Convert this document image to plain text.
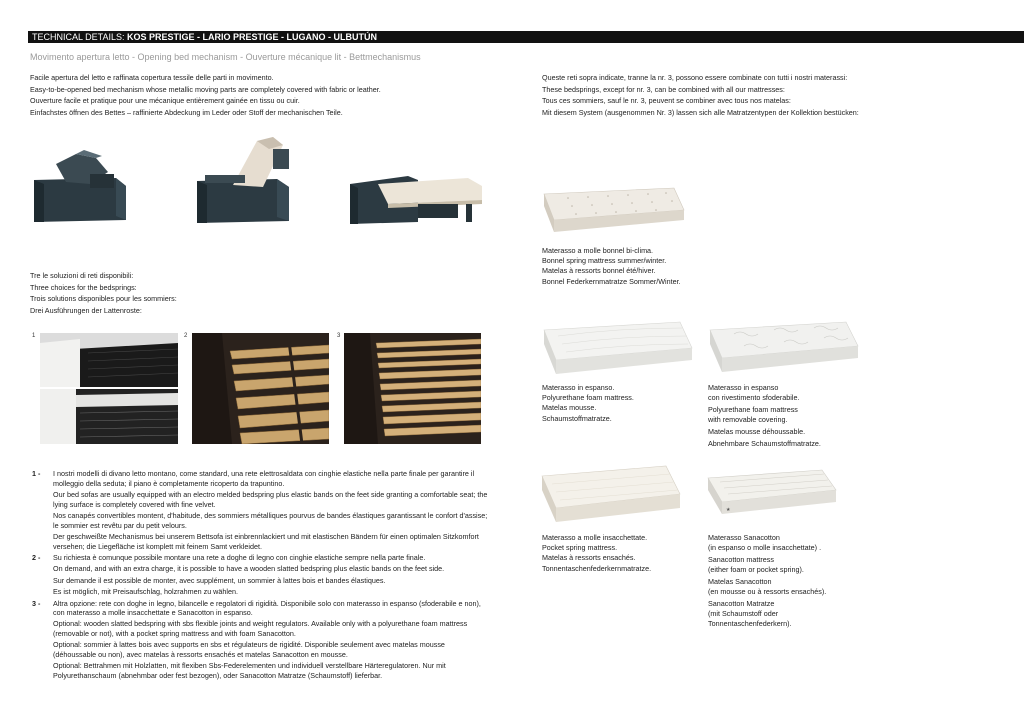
TECHNICAL DETAILS: KOS PRESTIGE - LARIO PRESTIGE - LUGANO - ULBUTÚN
Movimento apertura letto - Opening bed mechanism - Ouverture mécanique lit - Bettmechanismus
Facile apertura del letto e raffinata copertura tessile delle parti in movimento.
Easy-to-be-opened bed mechanism whose metallic moving parts are completely covered with fabric or leather.
Ouverture facile et pratique pour une mécanique entièrement gainée en tissu ou cuir.
Einfachstes öffnen des Bettes – raffinierte Abdeckung im Leder oder Stoff der mechanischen Teile.
Queste reti sopra indicate, tranne la nr. 3, possono essere combinate con tutti i nostri materassi:
These bedsprings, except for nr. 3, can be combined with all our mattresses:
Tous ces sommiers, sauf le nr. 3, peuvent se combiner avec tous nos matelas:
Mit diesem System (ausgenommen Nr. 3) lassen sich alle Matratzentypen der Kollektion bestücken:
Tre le soluzioni di reti disponibili:
Three choices for the bedsprings:
Trois solutions disponibles pour les sommiers:
Drei Ausführungen der Lattenroste:
1	2	3
1 - I nostri modelli di divano letto montano, come standard, una rete elettrosaldata con cinghie elastiche nella parte finale per garantire il molleggio della seduta; il piano è completamente ricoperto da trapuntino.

Our bed sofas are usually equipped with an electro melded bedspring plus elastic bands on the feet side granting a comfortable seat; the lying surface is completely covered with fine velvet.

Nos canapés convertibles montent, d'habitude, des sommiers métalliques pourvus de bandes élastiques garantissant le confort d'assise; le sommier est revêtu par du petit velours.

Der geschweißte Mechanismus bei unserem Bettsofa ist einbrennlackiert und mit elastischen Bändern für einen optimalen Sitzkomfort versehen; die Liegefläche ist komplett mit feinem Samt verkleidet.

2 - Su richiesta è comunque possibile montare una rete a doghe di legno con cinghie elastiche sempre nella parte finale.

On demand, and with an extra charge, it is possible to have a wooden slatted bedspring plus elastic bands on the feet side.

Sur demande il est possible de monter, avec supplément, un sommier à lattes bois et bandes élastiques.

Es ist möglich, mit Preisaufschlag, holzrahmen zu wählen.

3 - Altra opzione: rete con doghe in legno, bilancelle e regolatori di rigidità. Disponibile solo con materasso in espanso (sfoderabile e non), con materasso a molle insacchettate e Sanacotton in espanso.

Optional: wooden slatted bedspring with sbs flexible joints and weight regulators. Available only with a polyurethane foam mattress (removable or not), with a pocket spring mattress and with foam Sanacotton.

Optional: sommier à lattes bois avec supports en sbs et régulateurs de rigidité. Disponible seulement avec matelas mousse (déhoussable ou non), avec matelas à ressorts ensachés et matelas Sanacotton en mousse.

Optional: Bettrahmen mit Holzlatten, mit flexiben Sbs-Federelementen und individuell verstellbare Härteregulatoren. Nur mit Polyurethanschaum (abnehmbar oder fest bezogen), oder Sanacotton Matratze (Schaumstoff) lieferbar.

Materasso a molle bonnel bi-clima.
Bonnel spring mattress summer/winter.
Matelas à ressorts bonnel été/hiver.
Bonnel Federkernmatratze Sommer/Winter.
Materasso in espanso.
Polyurethane foam mattress.
Matelas mousse.
Schaumstoffmatratze.
Materasso in espanso
con rivestimento sfoderabile.
Polyurethane foam mattress
with removable covering.
Matelas mousse déhoussable.
Abnehmbare Schaumstoffmatratze.
Materasso a molle insacchettate.
Pocket spring mattress.
Matelas à ressorts ensachés.
Tonnentaschenfederkernmatratze.
★
Materasso Sanacotton
(in espanso o molle insacchettate) .
Sanacotton mattress
(either foam or pocket spring).
Matelas Sanacotton
(en mousse ou à ressorts ensachés).
Sanacotton Matratze
(mit Schaumstoff oder
Tonnentaschenfederkern).
